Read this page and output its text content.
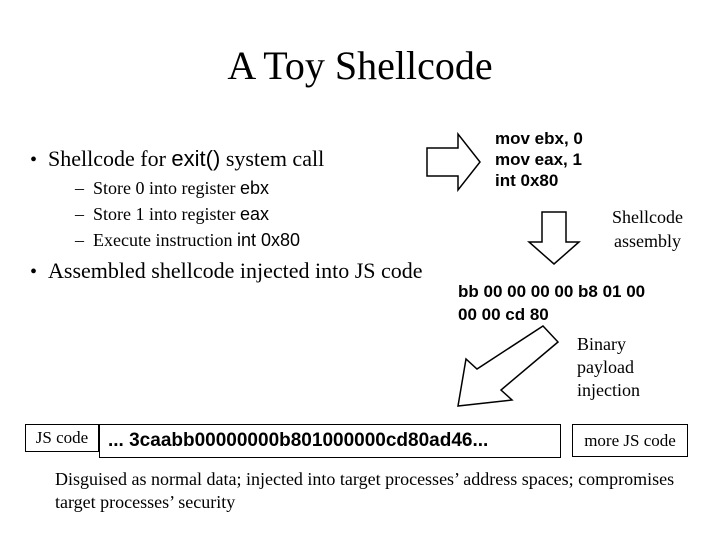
A Toy Shellcode
• Shellcode for exit() system call
– Store 0 into register ebx
– Store 1 into register eax
– Execute instruction int 0x80
• Assembled shellcode injected into JS code
mov ebx, 0
mov eax, 1
int 0x80
Shellcode
assembly
bb 00 00 00 00 b8 01 00
00 00 cd 80
Binary
payload
injection
JS code	... 3caabb00000000b801000000cd80ad46...	more JS code
Disguised as normal data; injected into target processes’ address spaces; compromises target processes’ security
